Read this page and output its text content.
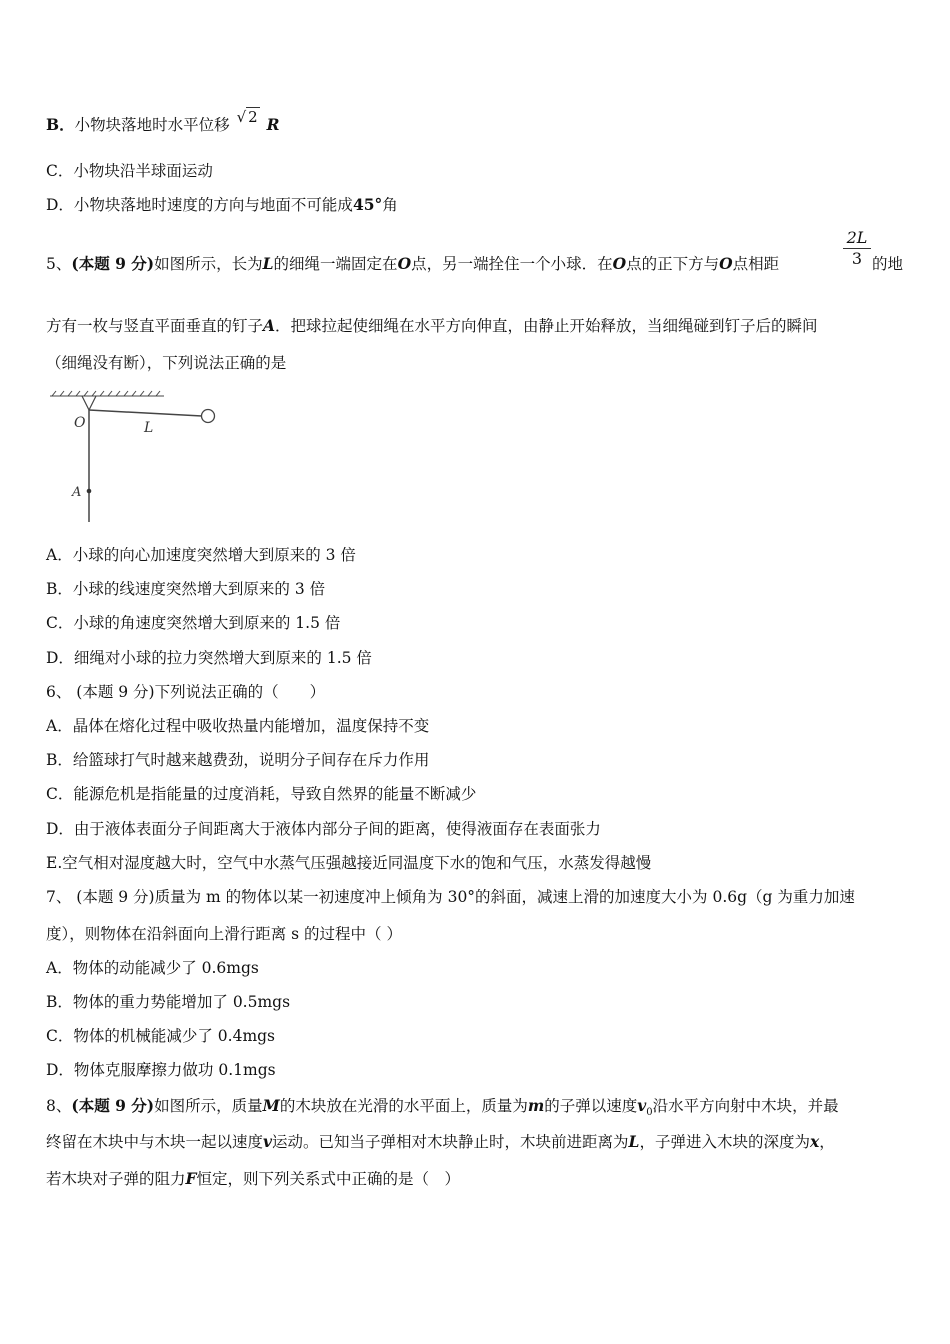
B．小物块落地时水平位移 √ 2 R
C．小物块沿半球面运动
D．小物块落地时速度的方向与地面不可能成45°角
5、(本题 9 分)如图所示，长为L的细绳一端固定在O点，另一端拴住一个小球．在O点的正下方与O点相距	$\frac{2L}{3}$ 的地
方有一枚与竖直平面垂直的钉子A．把球拉起使细绳在水平方向伸直，由静止开始释放，当细绳碰到钉子后的瞬间
（细绳没有断），下列说法正确的是
O	L
A
A．小球的向心加速度突然增大到原来的 3 倍
B．小球的线速度突然增大到原来的 3 倍
C．小球的角速度突然增大到原来的 1.5 倍
D．细绳对小球的拉力突然增大到原来的 1.5 倍
6、 (本题 9 分)下列说法正确的（　　）
A．晶体在熔化过程中吸收热量内能增加，温度保持不变
B．给篮球打气时越来越费劲，说明分子间存在斥力作用
C．能源危机是指能量的过度消耗，导致自然界的能量不断减少
D．由于液体表面分子间距离大于液体内部分子间的距离，使得液面存在表面张力
E.空气相对湿度越大时，空气中水蒸气压强越接近同温度下水的饱和气压，水蒸发得越慢
7、 (本题 9 分)质量为 m 的物体以某一初速度冲上倾角为 30°的斜面，减速上滑的加速度大小为 0.6g（g 为重力加速
度），则物体在沿斜面向上滑行距离 s 的过程中（ ）
A．物体的动能减少了 0.6mgs
B．物体的重力势能增加了 0.5mgs
C．物体的机械能减少了 0.4mgs
D．物体克服摩擦力做功 0.1mgs
8、(本题 9 分)如图所示，质量M的木块放在光滑的水平面上，质量为m的子弹以速度$v_0$沿水平方向射中木块，并最
终留在木块中与木块一起以速度v运动。已知当子弹相对木块静止时，木块前进距离为L，子弹进入木块的深度为x，
若木块对子弹的阻力F恒定，则下列关系式中正确的是（　）
